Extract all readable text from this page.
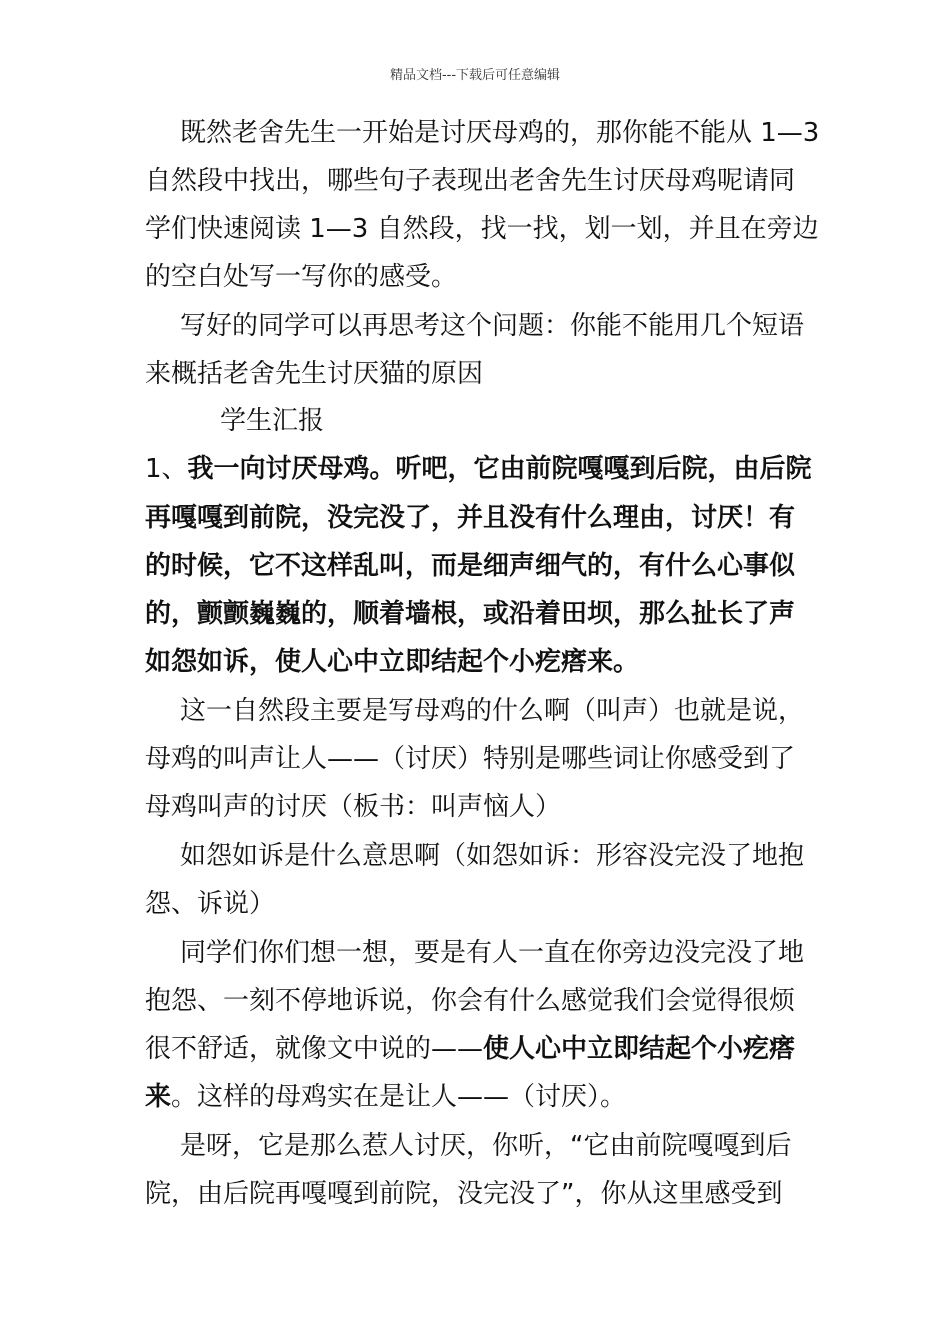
精品文档---下载后可任意编辑
既然老舍先生一开始是讨厌母鸡的，那你能不能从 1—3
自然段中找出，哪些句子表现出老舍先生讨厌母鸡呢请同
学们快速阅读 1—3 自然段，找一找，划一划，并且在旁边
的空白处写一写你的感受。
写好的同学可以再思考这个问题：你能不能用几个短语
来概括老舍先生讨厌猫的原因
学生汇报
1、我一向讨厌母鸡。听吧，它由前院嘎嘎到后院，由后院
再嘎嘎到前院，没完没了，并且没有什么理由，讨厌！有
的时候，它不这样乱叫，而是细声细气的，有什么心事似
的，颤颤巍巍的，顺着墙根，或沿着田坝，那么扯长了声
如怨如诉，使人心中立即结起个小疙瘩来。
这一自然段主要是写母鸡的什么啊（叫声）也就是说，
母鸡的叫声让人——（讨厌）特别是哪些词让你感受到了
母鸡叫声的讨厌（板书：叫声恼人）
如怨如诉是什么意思啊（如怨如诉：形容没完没了地抱
怨、诉说）
同学们你们想一想，要是有人一直在你旁边没完没了地
抱怨、一刻不停地诉说，你会有什么感觉我们会觉得很烦
很不舒适，就像文中说的——使人心中立即结起个小疙瘩
来。这样的母鸡实在是让人——（讨厌）。
是呀，它是那么惹人讨厌，你听，“它由前院嘎嘎到后
院，由后院再嘎嘎到前院，没完没了”，你从这里感受到
